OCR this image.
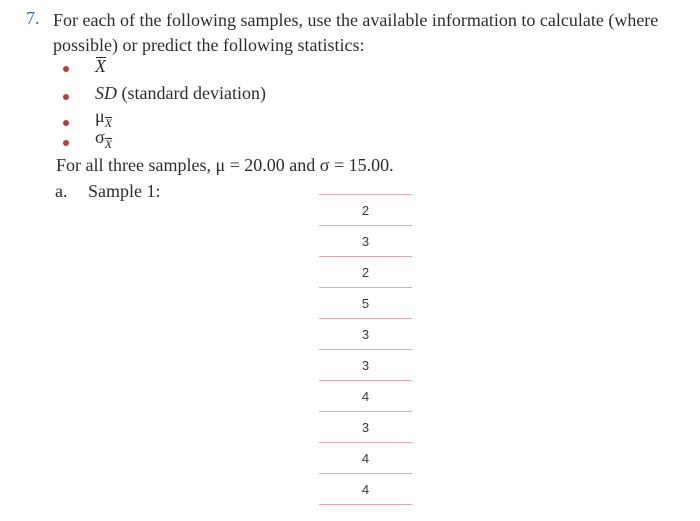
7. For each of the following samples, use the available information to calculate (where possible) or predict the following statistics:
X
SD (standard deviation)
$\mu_X$
$\sigma_X$
For all three samples, μ = 20.00 and σ = 15.00.
a. Sample 1:
2
3
2
5
3
3
4
3
4
4
